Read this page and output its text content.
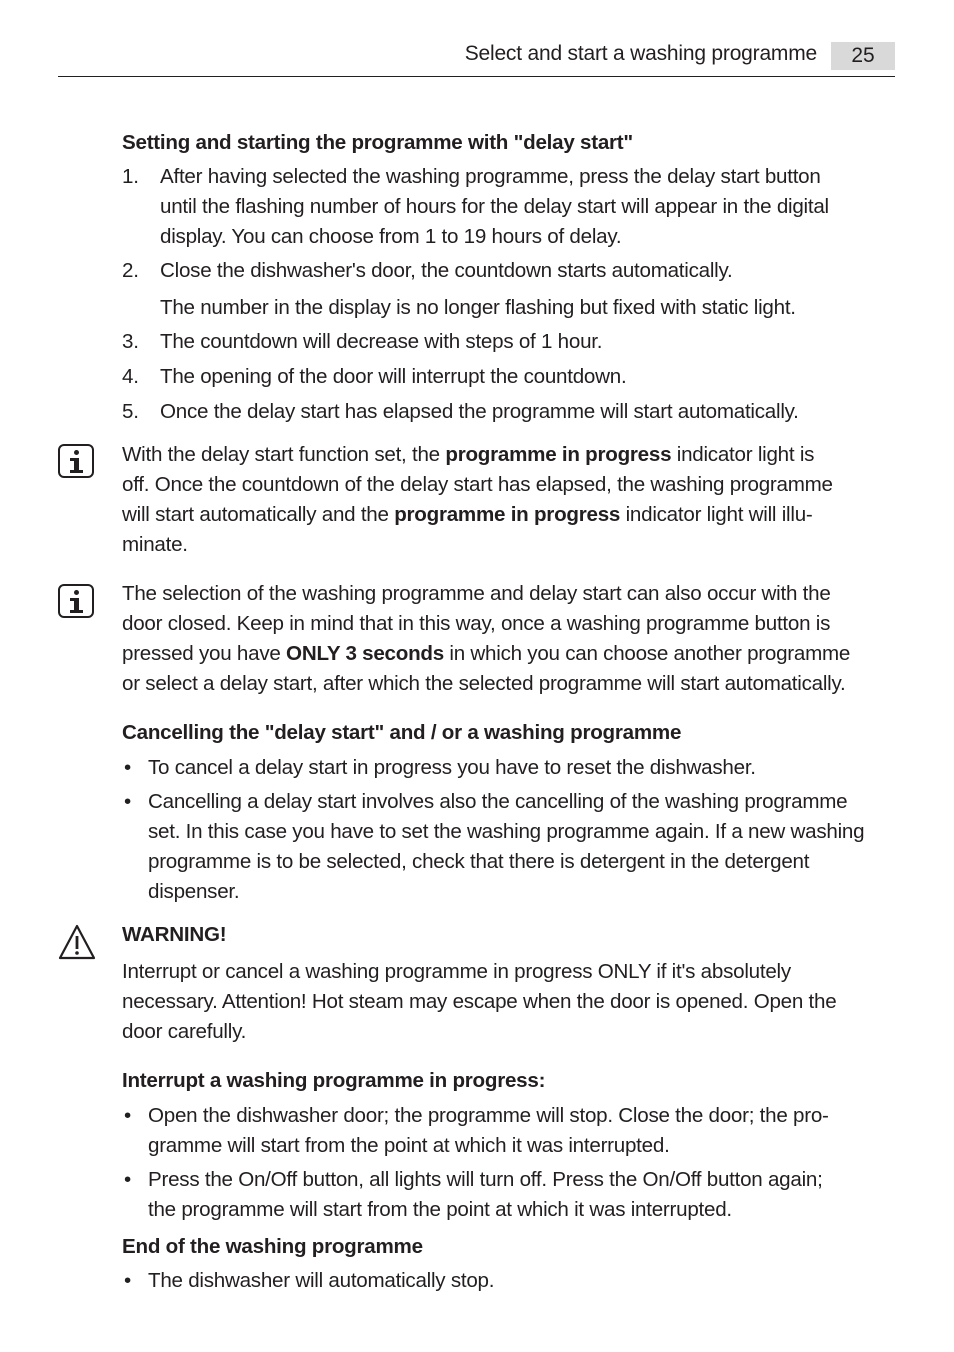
Select and start a washing programme	25

Setting and starting the programme with "delay start"

1. After having selected the washing programme, press the delay start button
until the flashing number of hours for the delay start will appear in the digital
display. You can choose from 1 to 19 hours of delay.
2. Close the dishwasher's door, the countdown starts automatically.
The number in the display is no longer flashing but fixed with static light.
3. The countdown will decrease with steps of 1 hour.
4. The opening of the door will interrupt the countdown.
5. Once the delay start has elapsed the programme will start automatically.
With the delay start function set, the programme in progress indicator light is
off. Once the countdown of the delay start has elapsed, the washing programme
will start automatically and the programme in progress indicator light will illu-
minate.
The selection of the washing programme and delay start can also occur with the
door closed. Keep in mind that in this way, once a washing programme button is
pressed you have ONLY 3 seconds in which you can choose another programme
or select a delay start, after which the selected programme will start automatically.

Cancelling the "delay start" and / or a washing programme

• To cancel a delay start in progress you have to reset the dishwasher.
• Cancelling a delay start involves also the cancelling of the washing programme
set. In this case you have to set the washing programme again. If a new washing
programme is to be selected, check that there is detergent in the detergent
dispenser.

WARNING!

Interrupt or cancel a washing programme in progress ONLY if it's absolutely
necessary. Attention! Hot steam may escape when the door is opened. Open the
door carefully.

Interrupt a washing programme in progress:

• Open the dishwasher door; the programme will stop. Close the door; the pro-
gramme will start from the point at which it was interrupted.
• Press the On/Off button, all lights will turn off. Press the On/Off button again;
the programme will start from the point at which it was interrupted.

End of the washing programme

• The dishwasher will automatically stop.
